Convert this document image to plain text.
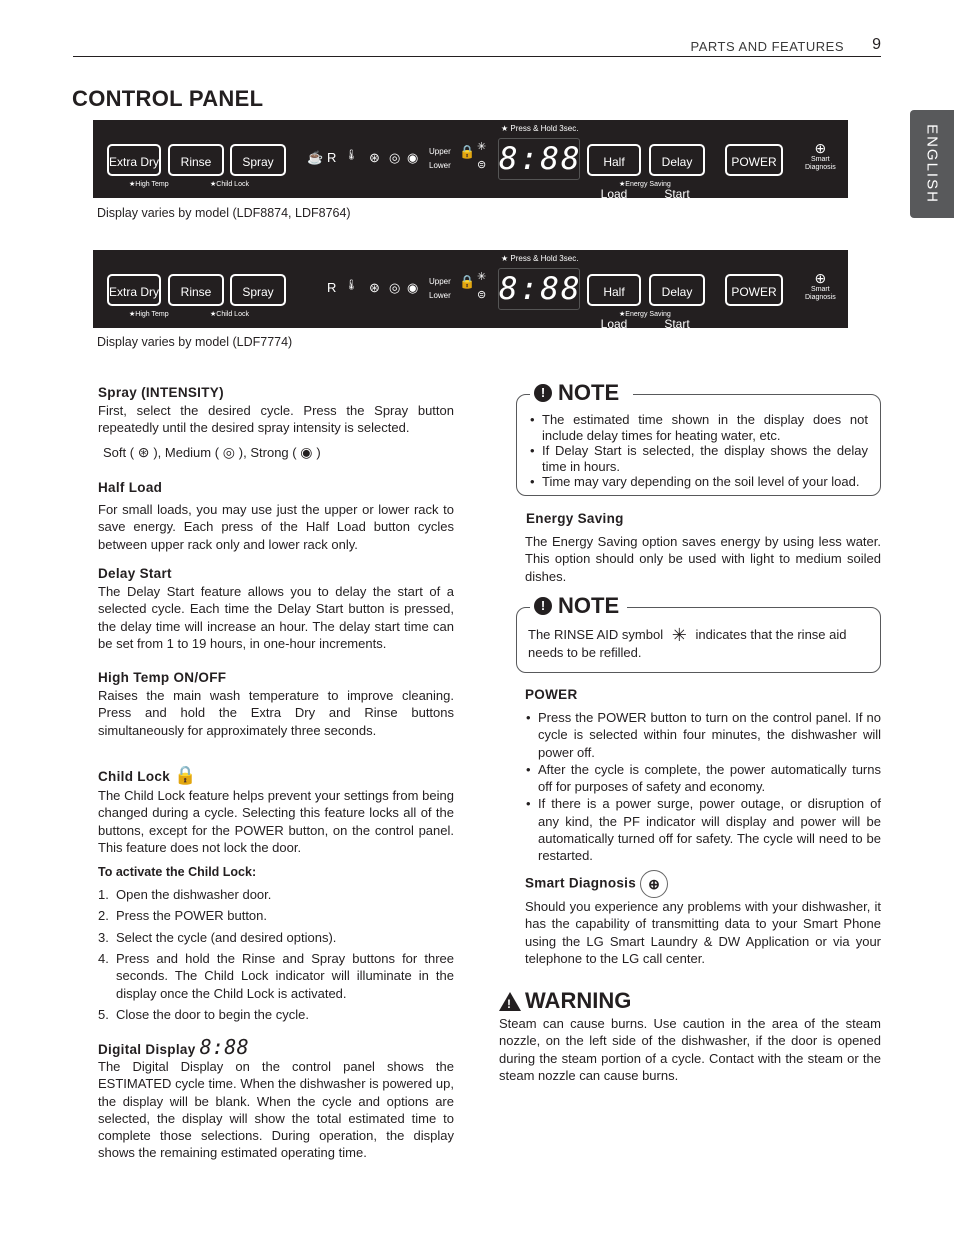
PARTS AND FEATURES 9
CONTROL PANEL
ENGLISH
Extra Dry	Rinse	Spray
★High Temp	★Child Lock
☕ R 🌡 ⊛ ◎ ◉ Upper
Lower
🔒 ✳
⊜
★ Press & Hold 3sec.
8:88	Half Load
Delay Start
POWER
★Energy Saving
⊕
Smart
Diagnosis
Display varies by model (LDF8874, LDF8764)
Extra Dry	Rinse	Spray
★High Temp	★Child Lock
R 🌡 ⊛ ◎ ◉ Upper
Lower
🔒 ✳
⊜
★ Press & Hold 3sec.
8:88	Half Load
Delay Start
POWER
★Energy Saving
⊕
Smart
Diagnosis
Display varies by model (LDF7774)
Spray (INTENSITY)
First, select the desired cycle. Press the Spray button repeatedly until the desired spray intensity is selected.
Soft ( ⊛ ), Medium ( ◎ ), Strong ( ◉ )
Half Load
For small loads, you may use just the upper or lower rack to save energy. Each press of the Half Load button cycles between upper rack only and lower rack only.
Delay Start
The Delay Start feature allows you to delay the start of a selected cycle. Each time the Delay Start button is pressed, the delay time will increase an hour. The delay start time can be set from 1 to 19 hours, in one-hour increments.
High Temp ON/OFF
Raises the main wash temperature to improve cleaning. Press and hold the Extra Dry and Rinse buttons simultaneously for approximately three seconds.
Child Lock 🔒
The Child Lock feature helps prevent your settings from being changed during a cycle. Selecting this feature locks all of the buttons, except for the POWER button, on the control panel. This feature does not lock the door.
To activate the Child Lock:
1. Open the dishwasher door.
2. Press the POWER button.
3. Select the cycle (and desired options).
4. Press and hold the Rinse and Spray buttons for three seconds. The Child Lock indicator will illuminate in the display once the Child Lock is activated.
5. Close the door to begin the cycle.
Digital Display 8:88
The Digital Display on the control panel shows the ESTIMATED cycle time. When the dishwasher is powered up, the display will be blank. When the cycle and options are selected, the display will show the total estimated time to complete those selections. During operation, the display shows the remaining estimated operating time.
! NOTE
• The estimated time shown in the display does not include delay times for heating water, etc.
• If Delay Start is selected, the display shows the delay time in hours.
• Time may vary depending on the soil level of your load.
Energy Saving
The Energy Saving option saves energy by using less water. This option should only be used with light to medium soiled dishes.
! NOTE
The RINSE AID symbol  ✳  indicates that the rinse aid needs to be refilled.
POWER
• Press the POWER button to turn on the control panel. If no cycle is selected within four minutes, the dishwasher will power off.
• After the cycle is complete, the power automatically turns off for purposes of safety and economy.
• If there is a power surge, power outage, or disruption of any kind, the PF indicator will display and power will be automatically turned off for safety. The cycle will need to be restarted.
Smart Diagnosis ⊕
Should you experience any problems with your dishwasher, it has the capability of transmitting data to your Smart Phone using the LG Smart Laundry & DW Application or via your telephone to the LG call center.
! WARNING
Steam can cause burns. Use caution in the area of the steam nozzle, on the left side of the dishwasher, if the door is opened during the steam portion of a cycle. Contact with the steam or the steam nozzle can cause burns.
